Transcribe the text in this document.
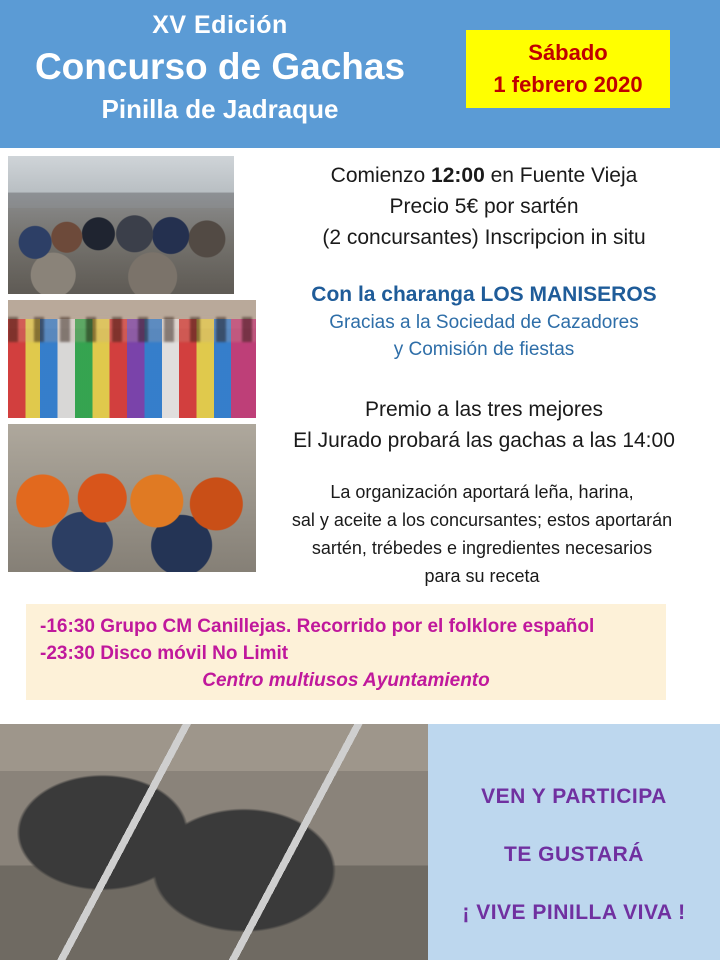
XV Edición
Concurso de Gachas
Pinilla de Jadraque
Sábado
1 febrero 2020
Comienzo 12:00 en Fuente Vieja
Precio 5€ por sartén
(2 concursantes) Inscripcion in situ
Con la charanga LOS MANISEROS
Gracias a la Sociedad de Cazadores
y Comisión de fiestas
Premio a las tres mejores
El Jurado probará las gachas a las 14:00
La organización aportará leña, harina,
sal y aceite a los concursantes; estos aportarán
sartén, trébedes e ingredientes necesarios
para su receta
-16:30 Grupo CM Canillejas. Recorrido por el folklore español
-23:30 Disco móvil No Limit
Centro multiusos Ayuntamiento
VEN Y PARTICIPA
TE GUSTARÁ
¡ VIVE PINILLA VIVA !
